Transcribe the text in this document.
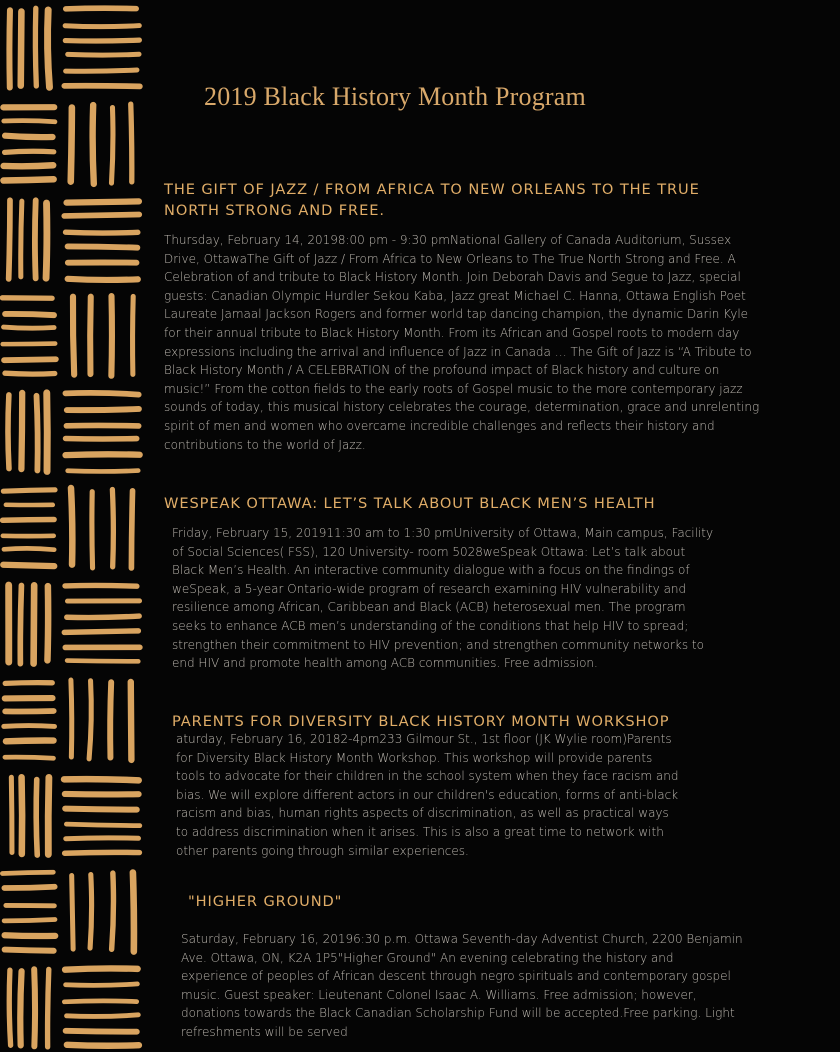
2019 Black History Month Program
THE GIFT OF JAZZ / FROM AFRICA TO NEW ORLEANS TO THE TRUE NORTH STRONG AND FREE.
Thursday, February 14, 20198:00 pm - 9:30 pmNational Gallery of Canada Auditorium, Sussex Drive, OttawaThe Gift of Jazz / From Africa to New Orleans to The True North Strong and Free. A Celebration of and tribute to Black History Month. Join Deborah Davis and Segue to Jazz, special guests: Canadian Olympic Hurdler Sekou Kaba, Jazz great Michael C. Hanna, Ottawa English Poet Laureate Jamaal Jackson Rogers and former world tap dancing champion, the dynamic Darin Kyle for their annual tribute to Black History Month. From its African and Gospel roots to modern day expressions including the arrival and influence of Jazz in Canada … The Gift of Jazz is “A Tribute to Black History Month / A CELEBRATION of the profound impact of Black history and culture on music!” From the cotton fields to the early roots of Gospel music to the more contemporary jazz sounds of today, this musical history celebrates the courage, determination, grace and unrelenting spirit of men and women who overcame incredible challenges and reflects their history and contributions to the world of Jazz.
WESPEAK OTTAWA: LET’S TALK ABOUT BLACK MEN’S HEALTH
Friday, February 15, 201911:30 am to 1:30 pmUniversity of Ottawa, Main campus, Facility of Social Sciences( FSS), 120 University- room 5028weSpeak Ottawa: Let’s talk about Black Men’s Health. An interactive community dialogue with a focus on the findings of weSpeak, a 5-year Ontario-wide program of research examining HIV vulnerability and resilience among African, Caribbean and Black (ACB) heterosexual men. The program seeks to enhance ACB men’s understanding of the conditions that help HIV to spread; strengthen their commitment to HIV prevention; and strengthen community networks to end HIV and promote health among ACB communities. Free admission.
PARENTS FOR DIVERSITY BLACK HISTORY MONTH WORKSHOP
aturday, February 16, 20182-4pm233 Gilmour St., 1st floor (JK Wylie room)Parents for Diversity Black History Month Workshop. This workshop will provide parents tools to advocate for their children in the school system when they face racism and bias. We will explore different actors in our children's education, forms of anti-black racism and bias, human rights aspects of discrimination, as well as practical ways to address discrimination when it arises. This is also a great time to network with other parents going through similar experiences.
"HIGHER GROUND"
Saturday, February 16, 20196:30 p.m. Ottawa Seventh-day Adventist Church, 2200 Benjamin Ave. Ottawa, ON, K2A 1P5"Higher Ground" An evening celebrating the history and experience of peoples of African descent through negro spirituals and contemporary gospel music. Guest speaker: Lieutenant Colonel Isaac A. Williams. Free admission; however, donations towards the Black Canadian Scholarship Fund will be accepted.Free parking. Light refreshments will be served
